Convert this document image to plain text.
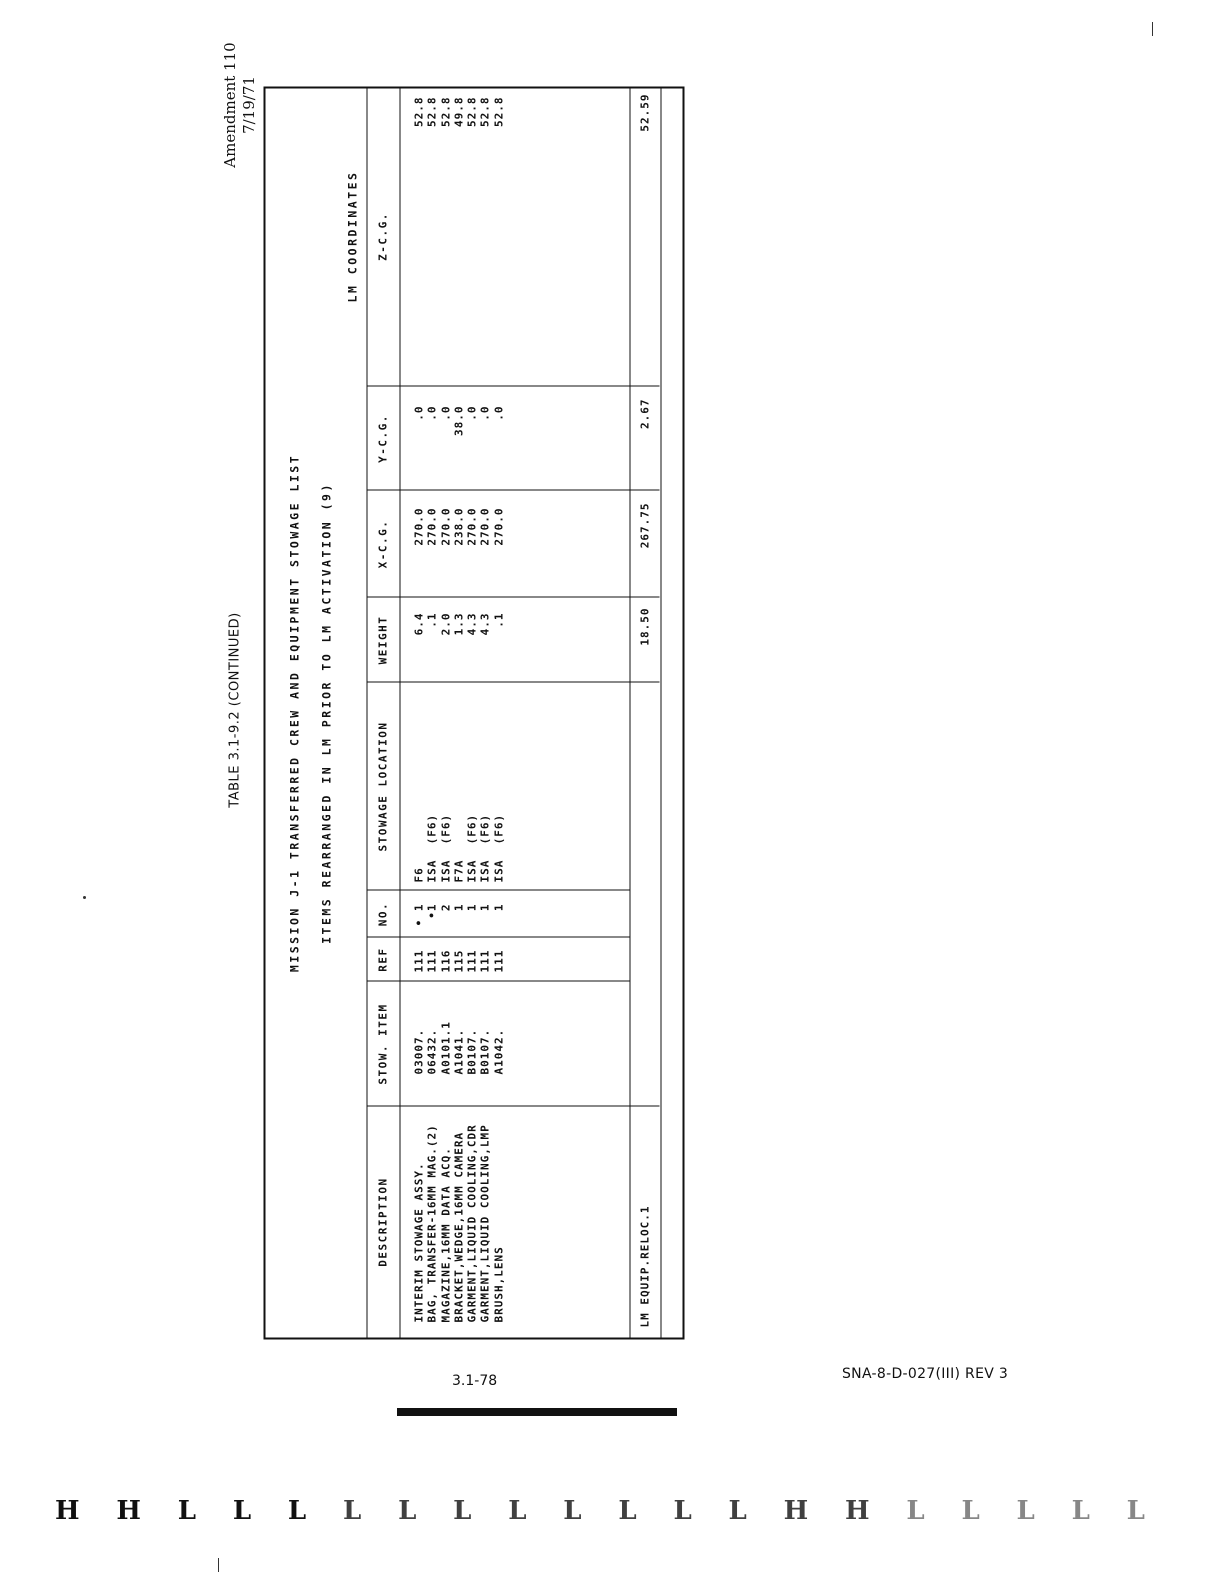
Amendment 110 7/19/71
TABLE 3.1-9.2 (CONTINUED)	MISSION J-1 TRANSFERRED CREW AND EQUIPMENT STOWAGE LIST ITEMS REARRANGED IN LM PRIOR TO LM ACTIVATION (9)
LM COORDINATES
DESCRIPTION
STOW. ITEM
REF
NO.
STOWAGE LOCATION
WEIGHT
X-C.G.
Y-C.G.
Z-C.G.
INTERIM STOWAGE ASSY. BAG, TRANSFER-16MM MAG.(2) MAGAZINE,16MM DATA ACQ. BRACKET,WEDGE,16MM CAMERA GARMENT,LIQUID COOLING,CDR GARMENT,LIQUID COOLING,LMP BRUSH,LENS
03007. 06432. A0101.1 A1041. B0107. B0107. A1042.
111 111 116 115 111 111 111
• 1 •1 2 1 1 1 1
F6 ISA  (F6) ISA  (F6) F7A ISA  (F6) ISA  (F6) ISA  (F6)
6.4 .1 2.0 1.3 4.3 4.3 .1
270.0 270.0 270.0 238.0 270.0 270.0 270.0
.0 .0 .0 38.0 .0 .0 .0
52.8 52.8 52.8 49.8 52.8 52.8 52.8
LM EQUIP.RELOC.1
18.50
267.75
2.67
52.59
3.1-78	SNA-8-D-027(III) REV 3
H H L L L L L L L L L L L H H L L L L L
